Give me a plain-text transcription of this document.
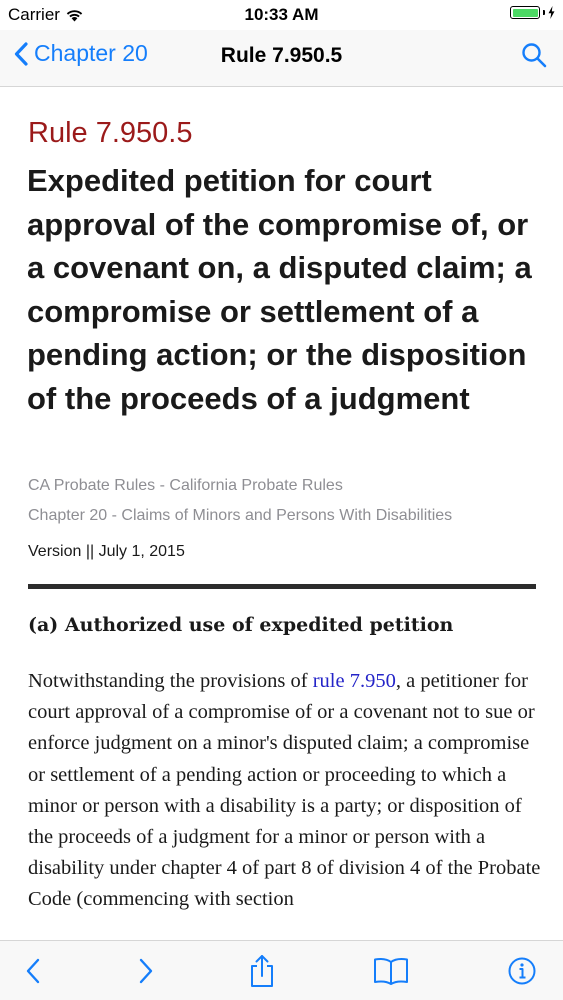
Carrier	10:33 AM
Chapter 20	Rule 7.950.5
Rule 7.950.5
Expedited petition for court approval of the compromise of, or a covenant on, a disputed claim; a compromise or settlement of a pending action; or the disposition of the proceeds of a judgment
CA Probate Rules - California Probate Rules
Chapter 20 - Claims of Minors and Persons With Disabilities
Version || July 1, 2015
(a) Authorized use of expedited petition

Notwithstanding the provisions of rule 7.950, a petitioner for court approval of a compromise of or a covenant not to sue or enforce judgment on a minor's disputed claim; a compromise or settlement of a pending action or proceeding to which a minor or person with a disability is a party; or disposition of the proceeds of a judgment for a minor or person with a disability under chapter 4 of part 8 of division 4 of the Probate Code (commencing with section
